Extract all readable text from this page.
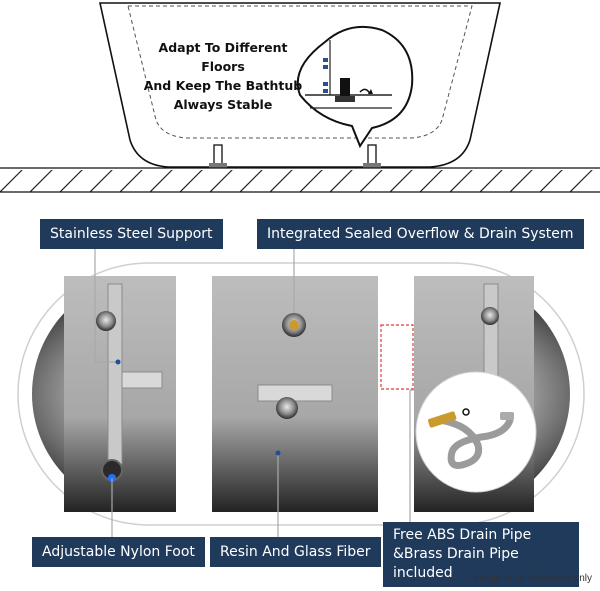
Adapt To Different Floors
And Keep The Bathtub
Always Stable
Stainless Steel Support	Integrated Sealed Overflow & Drain System
Adjustable Nylon Foot	Resin And Glass Fiber
Free ABS Drain Pipe
&Brass Drain Pipe included	Image is for reference only
